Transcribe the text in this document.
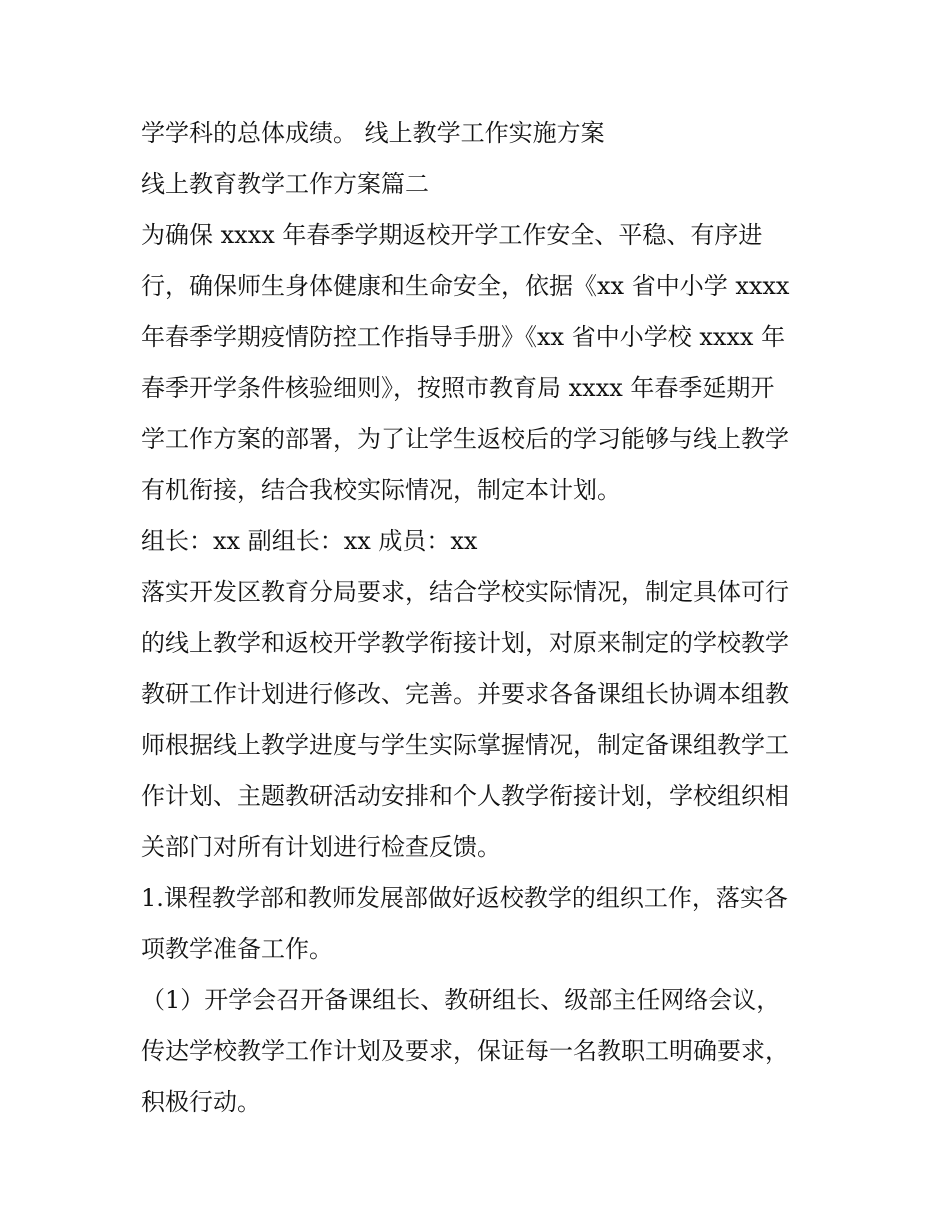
学学科的总体成绩。 线上教学工作实施方案

线上教育教学工作方案篇二

为确保 xxxx 年春季学期返校开学工作安全、平稳、有序进

行，确保师生身体健康和生命安全，依据《xx 省中小学 xxxx

年春季学期疫情防控工作指导手册》《xx 省中小学校 xxxx 年

春季开学条件核验细则》，按照市教育局 xxxx 年春季延期开

学工作方案的部署，为了让学生返校后的学习能够与线上教学

有机衔接，结合我校实际情况，制定本计划。

组长：xx 副组长：xx 成员：xx

落实开发区教育分局要求，结合学校实际情况，制定具体可行

的线上教学和返校开学教学衔接计划，对原来制定的学校教学

教研工作计划进行修改、完善。并要求各备课组长协调本组教

师根据线上教学进度与学生实际掌握情况，制定备课组教学工

作计划、主题教研活动安排和个人教学衔接计划，学校组织相

关部门对所有计划进行检查反馈。

1.课程教学部和教师发展部做好返校教学的组织工作，落实各

项教学准备工作。

（1）开学会召开备课组长、教研组长、级部主任网络会议，

传达学校教学工作计划及要求，保证每一名教职工明确要求，

积极行动。
